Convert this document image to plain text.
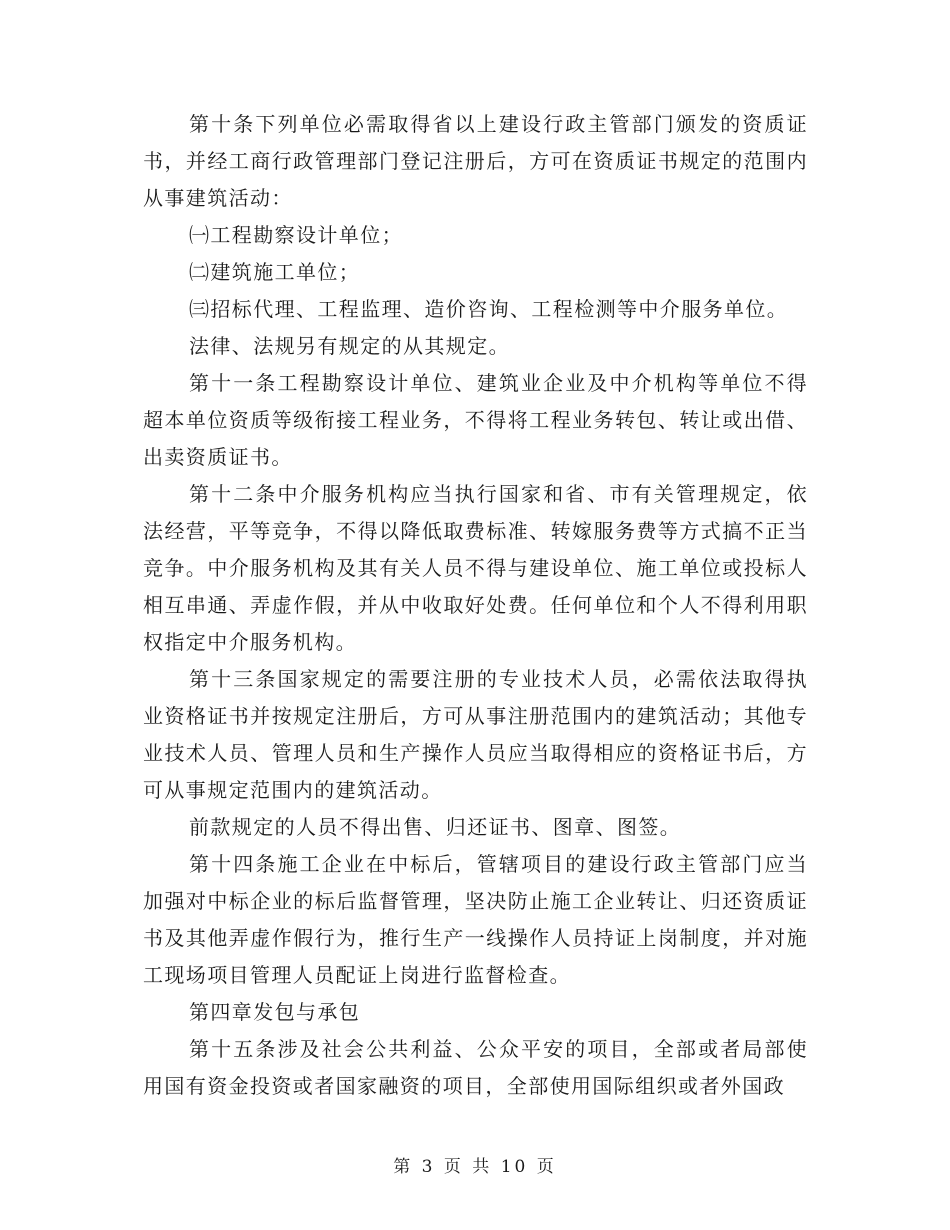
第十条下列单位必需取得省以上建设行政主管部门颁发的资质证书，并经工商行政管理部门登记注册后，方可在资质证书规定的范围内从事建筑活动：

㈠工程勘察设计单位；

㈡建筑施工单位；

㈢招标代理、工程监理、造价咨询、工程检测等中介服务单位。

法律、法规另有规定的从其规定。

第十一条工程勘察设计单位、建筑业企业及中介机构等单位不得超本单位资质等级衔接工程业务，不得将工程业务转包、转让或出借、出卖资质证书。

第十二条中介服务机构应当执行国家和省、市有关管理规定，依法经营，平等竞争，不得以降低取费标准、转嫁服务费等方式搞不正当竞争。中介服务机构及其有关人员不得与建设单位、施工单位或投标人相互串通、弄虚作假，并从中收取好处费。任何单位和个人不得利用职权指定中介服务机构。

第十三条国家规定的需要注册的专业技术人员，必需依法取得执业资格证书并按规定注册后，方可从事注册范围内的建筑活动；其他专业技术人员、管理人员和生产操作人员应当取得相应的资格证书后，方可从事规定范围内的建筑活动。

前款规定的人员不得出售、归还证书、图章、图签。

第十四条施工企业在中标后，管辖项目的建设行政主管部门应当加强对中标企业的标后监督管理，坚决防止施工企业转让、归还资质证书及其他弄虚作假行为，推行生产一线操作人员持证上岗制度，并对施工现场项目管理人员配证上岗进行监督检查。

第四章发包与承包

第十五条涉及社会公共利益、公众平安的项目，全部或者局部使用国有资金投资或者国家融资的项目，全部使用国际组织或者外国政

第 3 页 共 10 页
